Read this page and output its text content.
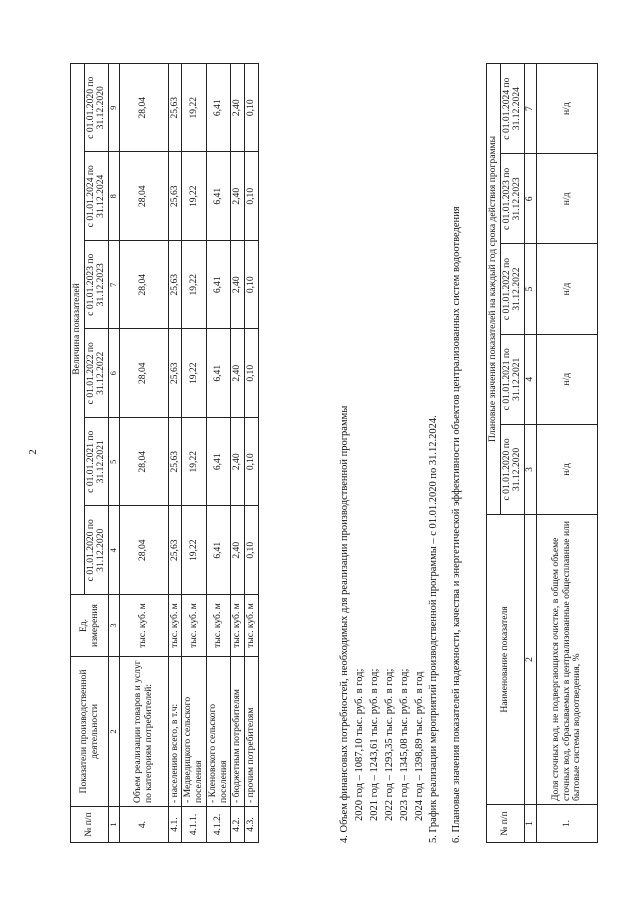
2
№ п/п	Показатели производственной деятельности	Ед. измерения	Величина показателей					
			с 01.01.2020 по 31.12.2020	с 01.01.2021 по 31.12.2021	с 01.01.2022 по 31.12.2022	с 01.01.2023 по 31.12.2023	с 01.01.2024 по 31.12.2024	с 01.01.2020 по 31.12.2020
1	2	3	4	5	6	7	8	9
4.	Объем реализации товаров и услуг по категориям потребителей:	тыс. куб. м	28,04	28,04	28,04	28,04	28,04	28,04
4.1.	- населению всего, в т.ч:	тыс. куб. м	25,63	25,63	25,63	25,63	25,63	25,63
4.1.1.	- Медведицкого сельского поселения	тыс. куб. м	19,22	19,22	19,22	19,22	19,22	19,22
4.1.2.	- Кленовского сельского поселения	тыс. куб. м	6,41	6,41	6,41	6,41	6,41	6,41
4.2.	- бюджетным потребителям	тыс. куб. м	2,40	2,40	2,40	2,40	2,40	2,40
4.3.	- прочим потребителям	тыс. куб. м	0,10	0,10	0,10	0,10	0,10	0,10

4. Объем финансовых потребностей, необходимых для реализации производственной программы 2020 год – 1087,10 тыс. руб. в год; 2021 год – 1243,61 тыс. руб. в год; 2022 год – 1293,35 тыс. руб. в год; 2023 год – 1345,08 тыс. руб. в год; 2024 год – 1398,89 тыс. руб. в год 5. График реализации мероприятий производственной программы – с 01.01.2020 по 31.12.2024. 6. Плановые значения показателей надежности, качества и энергетической эффективности объектов централизованных систем водоотведения	№ п/п	Наименование показателя	Плановые значения показателей на каждый год срока действия программы				
		с 01.01.2020 по 31.12.2020	с 01.01.2021 по 31.12.2021	с 01.01.2022 по 31.12.2022	с 01.01.2023 по 31.12.2023	с 01.01.2024 по 31.12.2024
1	2	3	4	5	6	7
1.	Доля сточных вод, не подвергающихся очистке, в общем объеме сточных вод, сбрасываемых в централизованные общесплавные или бытовые системы водоотведения, %	н/д	н/д	н/д	н/д	н/д
